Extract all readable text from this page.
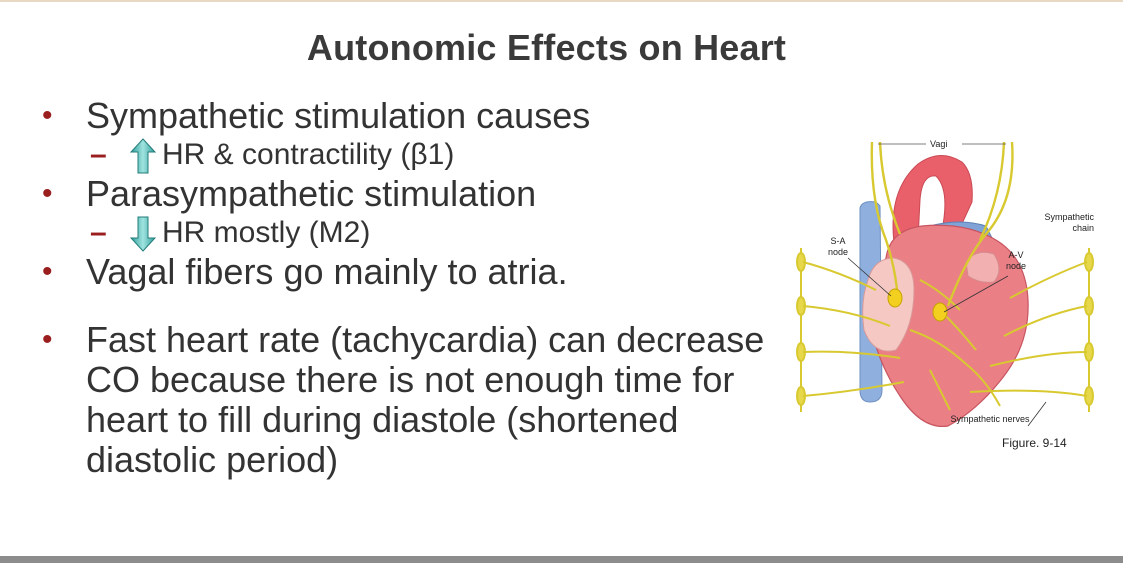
Autonomic Effects on Heart
• Sympathetic stimulation causes
– HR & contractility (β1)
• Parasympathetic stimulation
– HR mostly (M2)
• Vagal fibers go mainly to atria.
• Fast heart rate (tachycardia) can decrease CO because there is not enough time for heart to fill during diastole (shortened diastolic period)
Vagi
Sympathetic
chain
S-A
node	A-V
node
Sympathetic nerves
Figure. 9-14
